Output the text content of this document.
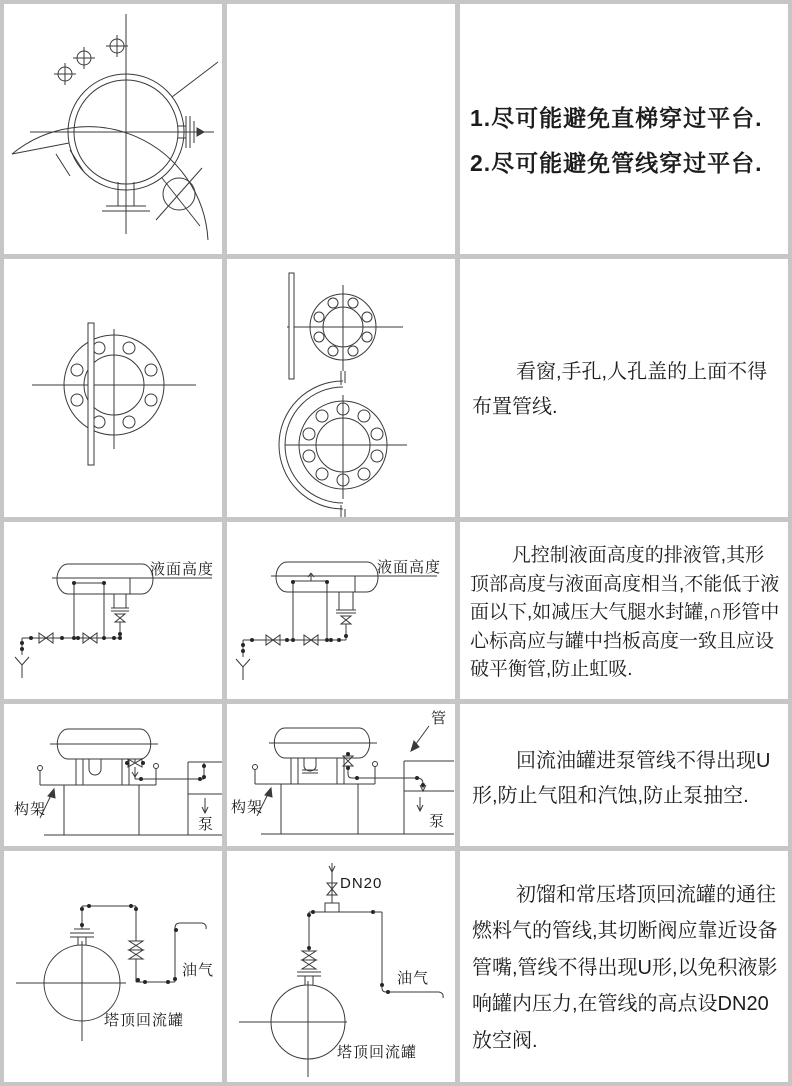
1.尽可能避免直梯穿过平台.
2.尽可能避免管线穿过平台.
看窗,手孔,人孔盖的上面不得布置管线.
液面高度	液面高度
凡控制液面高度的排液管,其形顶部高度与液面高度相当,不能低于液面以下,如减压大气腿水封罐,∩形管中心标高应与罐中挡板高度一致且应设破平衡管,防止虹吸.
构架
泵
构架
泵
管
回流油罐进泵管线不得出现U形,防止气阻和汽蚀,防止泵抽空.
油气
塔顶回流罐
DN20
油气
塔顶回流罐
初馏和常压塔顶回流罐的通往燃料气的管线,其切断阀应靠近设备管嘴,管线不得出现U形,以免积液影响罐内压力,在管线的高点设DN20放空阀.
